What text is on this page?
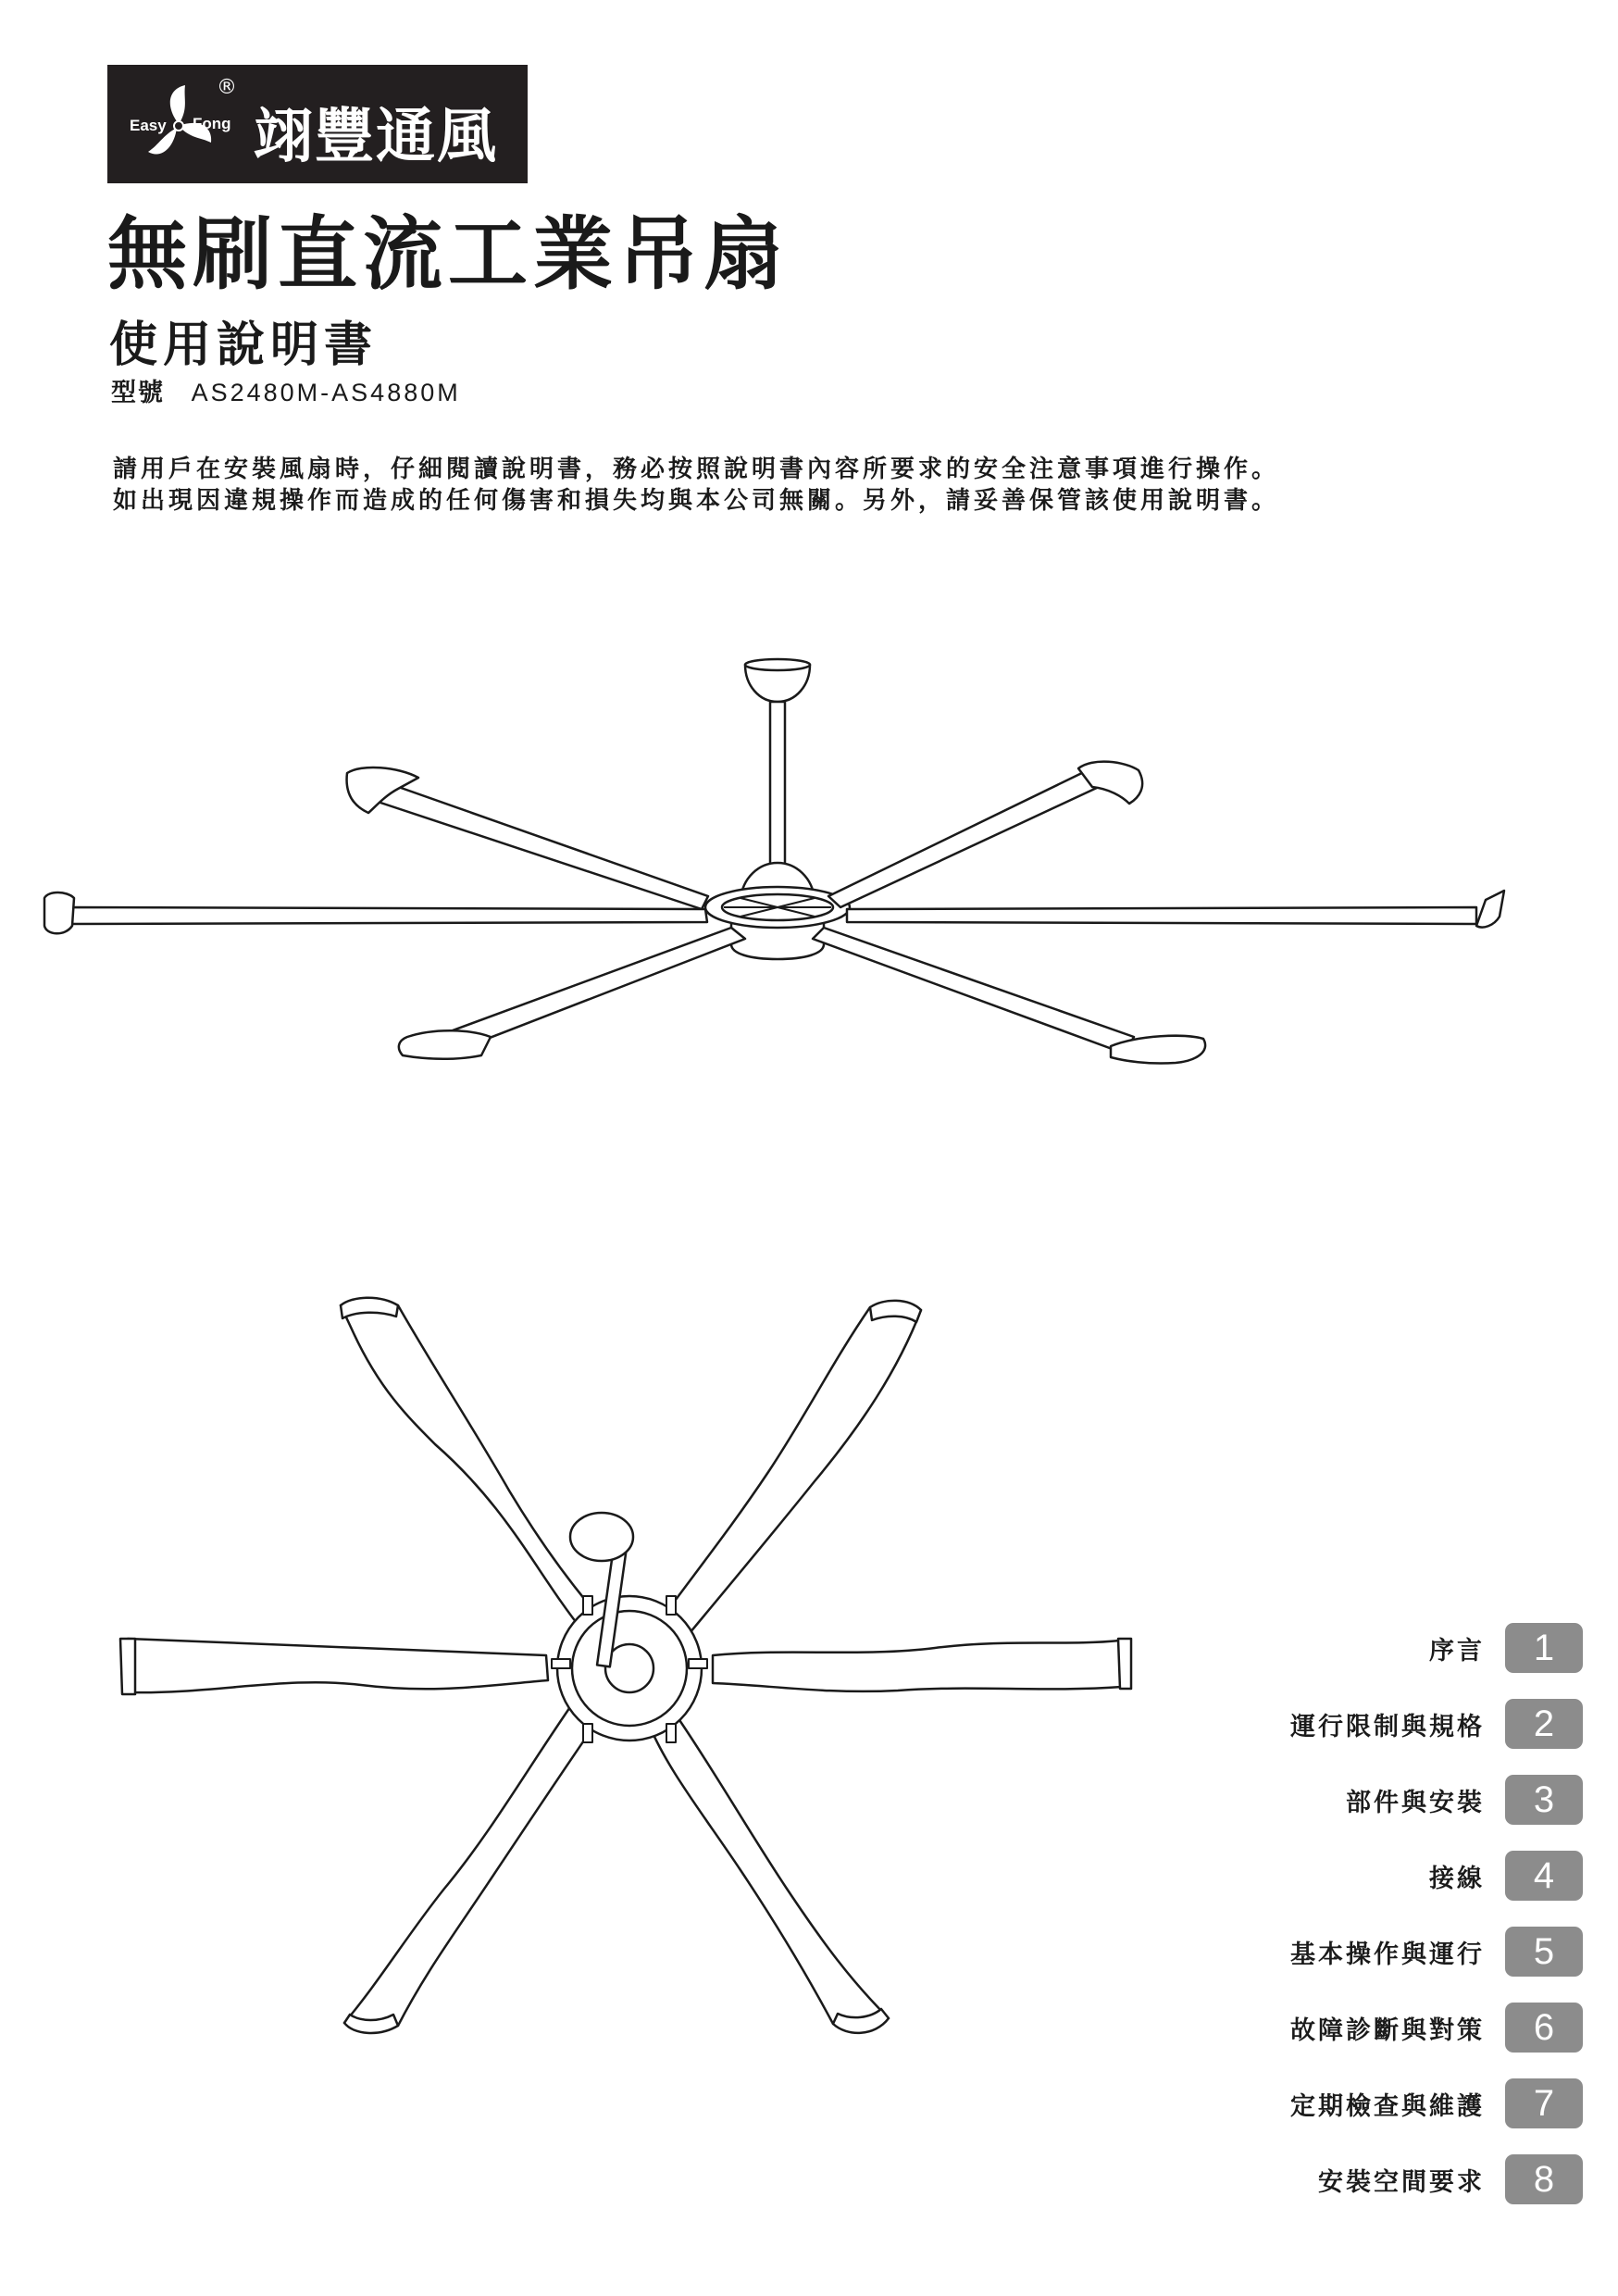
Easy Fong
®
翊豐通風
無刷直流工業吊扇
使用說明書
型號 AS2480M-AS4880M

請用戶在安裝風扇時，仔細閱讀說明書，務必按照說明書內容所要求的安全注意事項進行操作。

如出現因違規操作而造成的任何傷害和損失均與本公司無關。另外，請妥善保管該使用說明書。

序言	1
運行限制與規格	2
部件與安裝	3
接線	4
基本操作與運行	5
故障診斷與對策	6
定期檢查與維護	7
安裝空間要求	8
